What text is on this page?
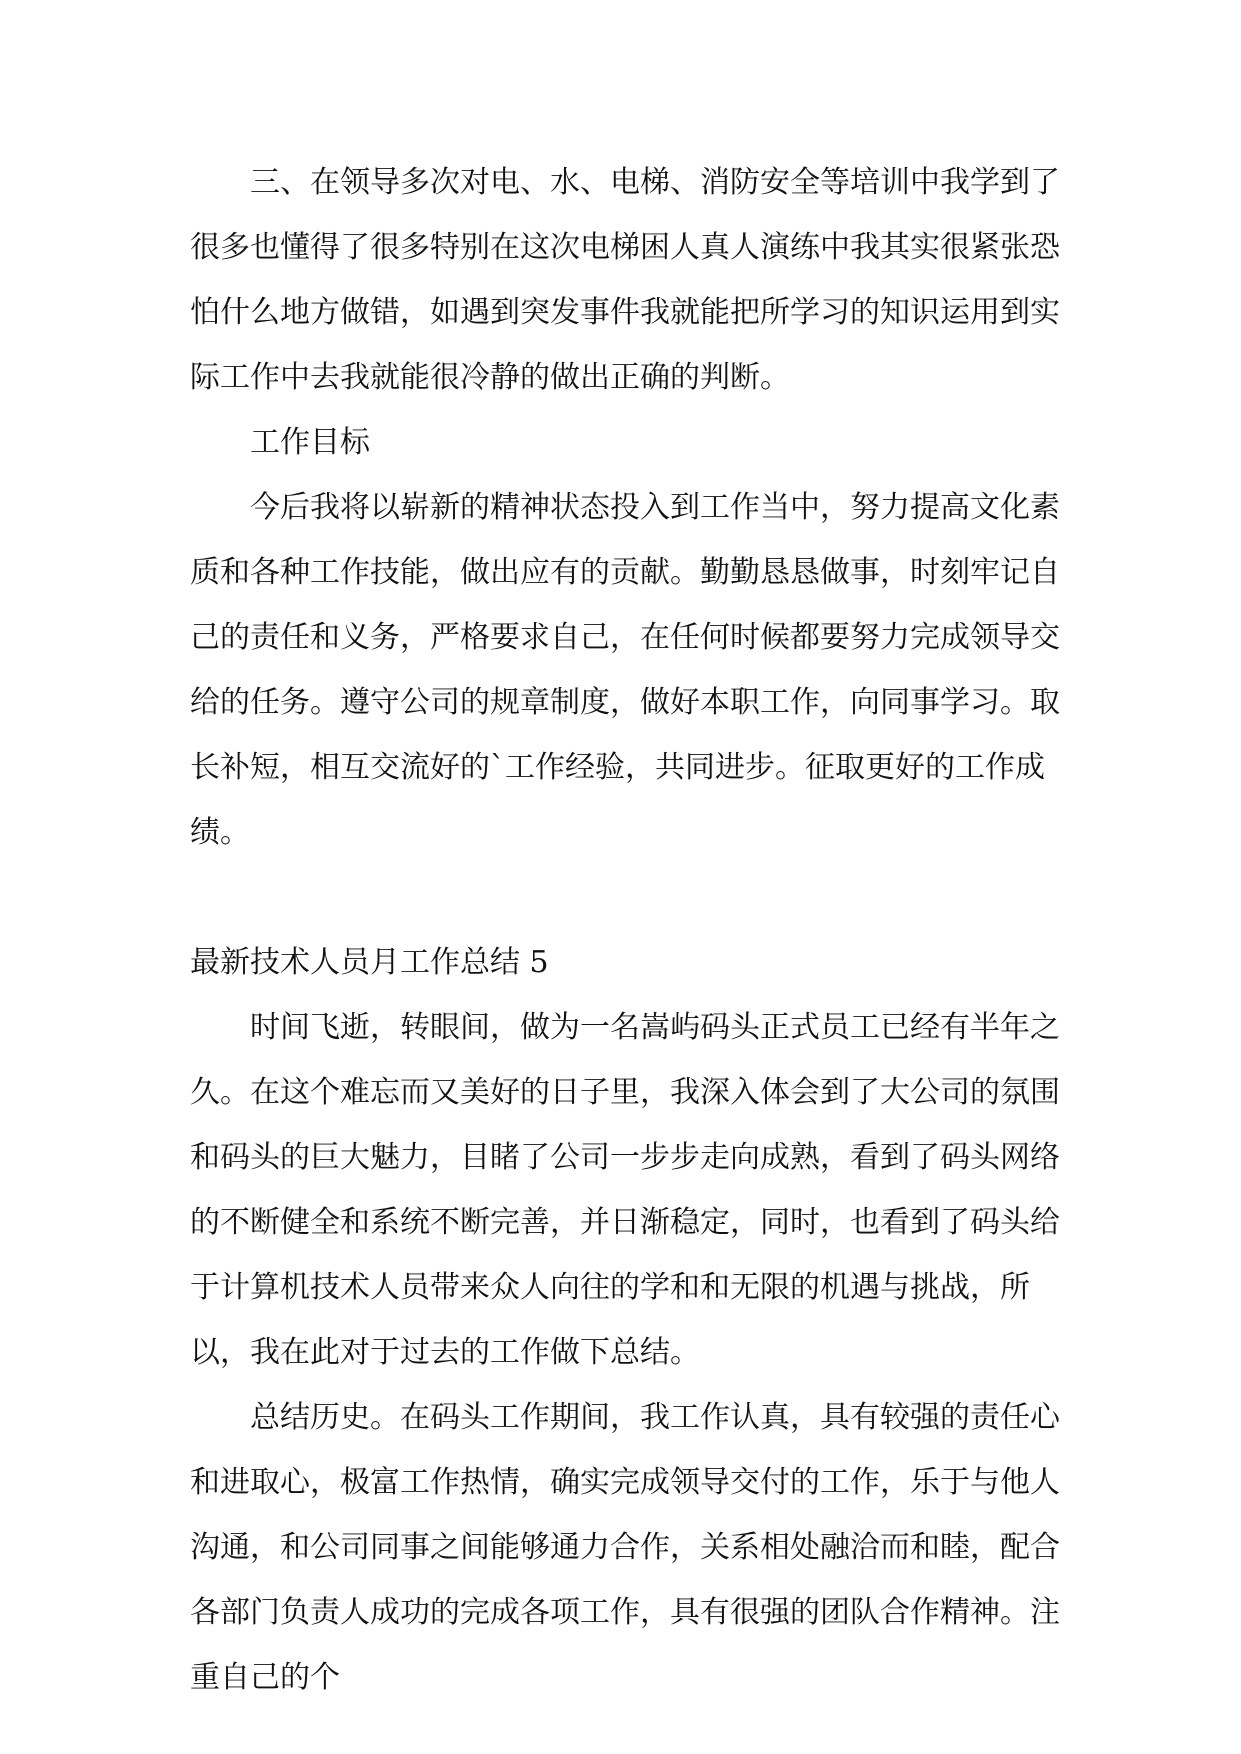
三、在领导多次对电、水、电梯、消防安全等培训中我学到了很多也懂得了很多特别在这次电梯困人真人演练中我其实很紧张恐怕什么地方做错，如遇到突发事件我就能把所学习的知识运用到实际工作中去我就能很冷静的做出正确的判断。

工作目标

今后我将以崭新的精神状态投入到工作当中，努力提高文化素质和各种工作技能，做出应有的贡献。勤勤恳恳做事，时刻牢记自己的责任和义务，严格要求自己，在任何时候都要努力完成领导交给的任务。遵守公司的规章制度，做好本职工作，向同事学习。取长补短，相互交流好的`工作经验，共同进步。征取更好的工作成绩。

最新技术人员月工作总结 5

时间飞逝，转眼间，做为一名嵩屿码头正式员工已经有半年之久。在这个难忘而又美好的日子里，我深入体会到了大公司的氛围和码头的巨大魅力，目睹了公司一步步走向成熟，看到了码头网络的不断健全和系统不断完善，并日渐稳定，同时，也看到了码头给于计算机技术人员带来众人向往的学和和无限的机遇与挑战，所以，我在此对于过去的工作做下总结。

总结历史。在码头工作期间，我工作认真，具有较强的责任心和进取心，极富工作热情，确实完成领导交付的工作，乐于与他人沟通，和公司同事之间能够通力合作，关系相处融洽而和睦，配合各部门负责人成功的完成各项工作，具有很强的团队合作精神。注重自己的个
